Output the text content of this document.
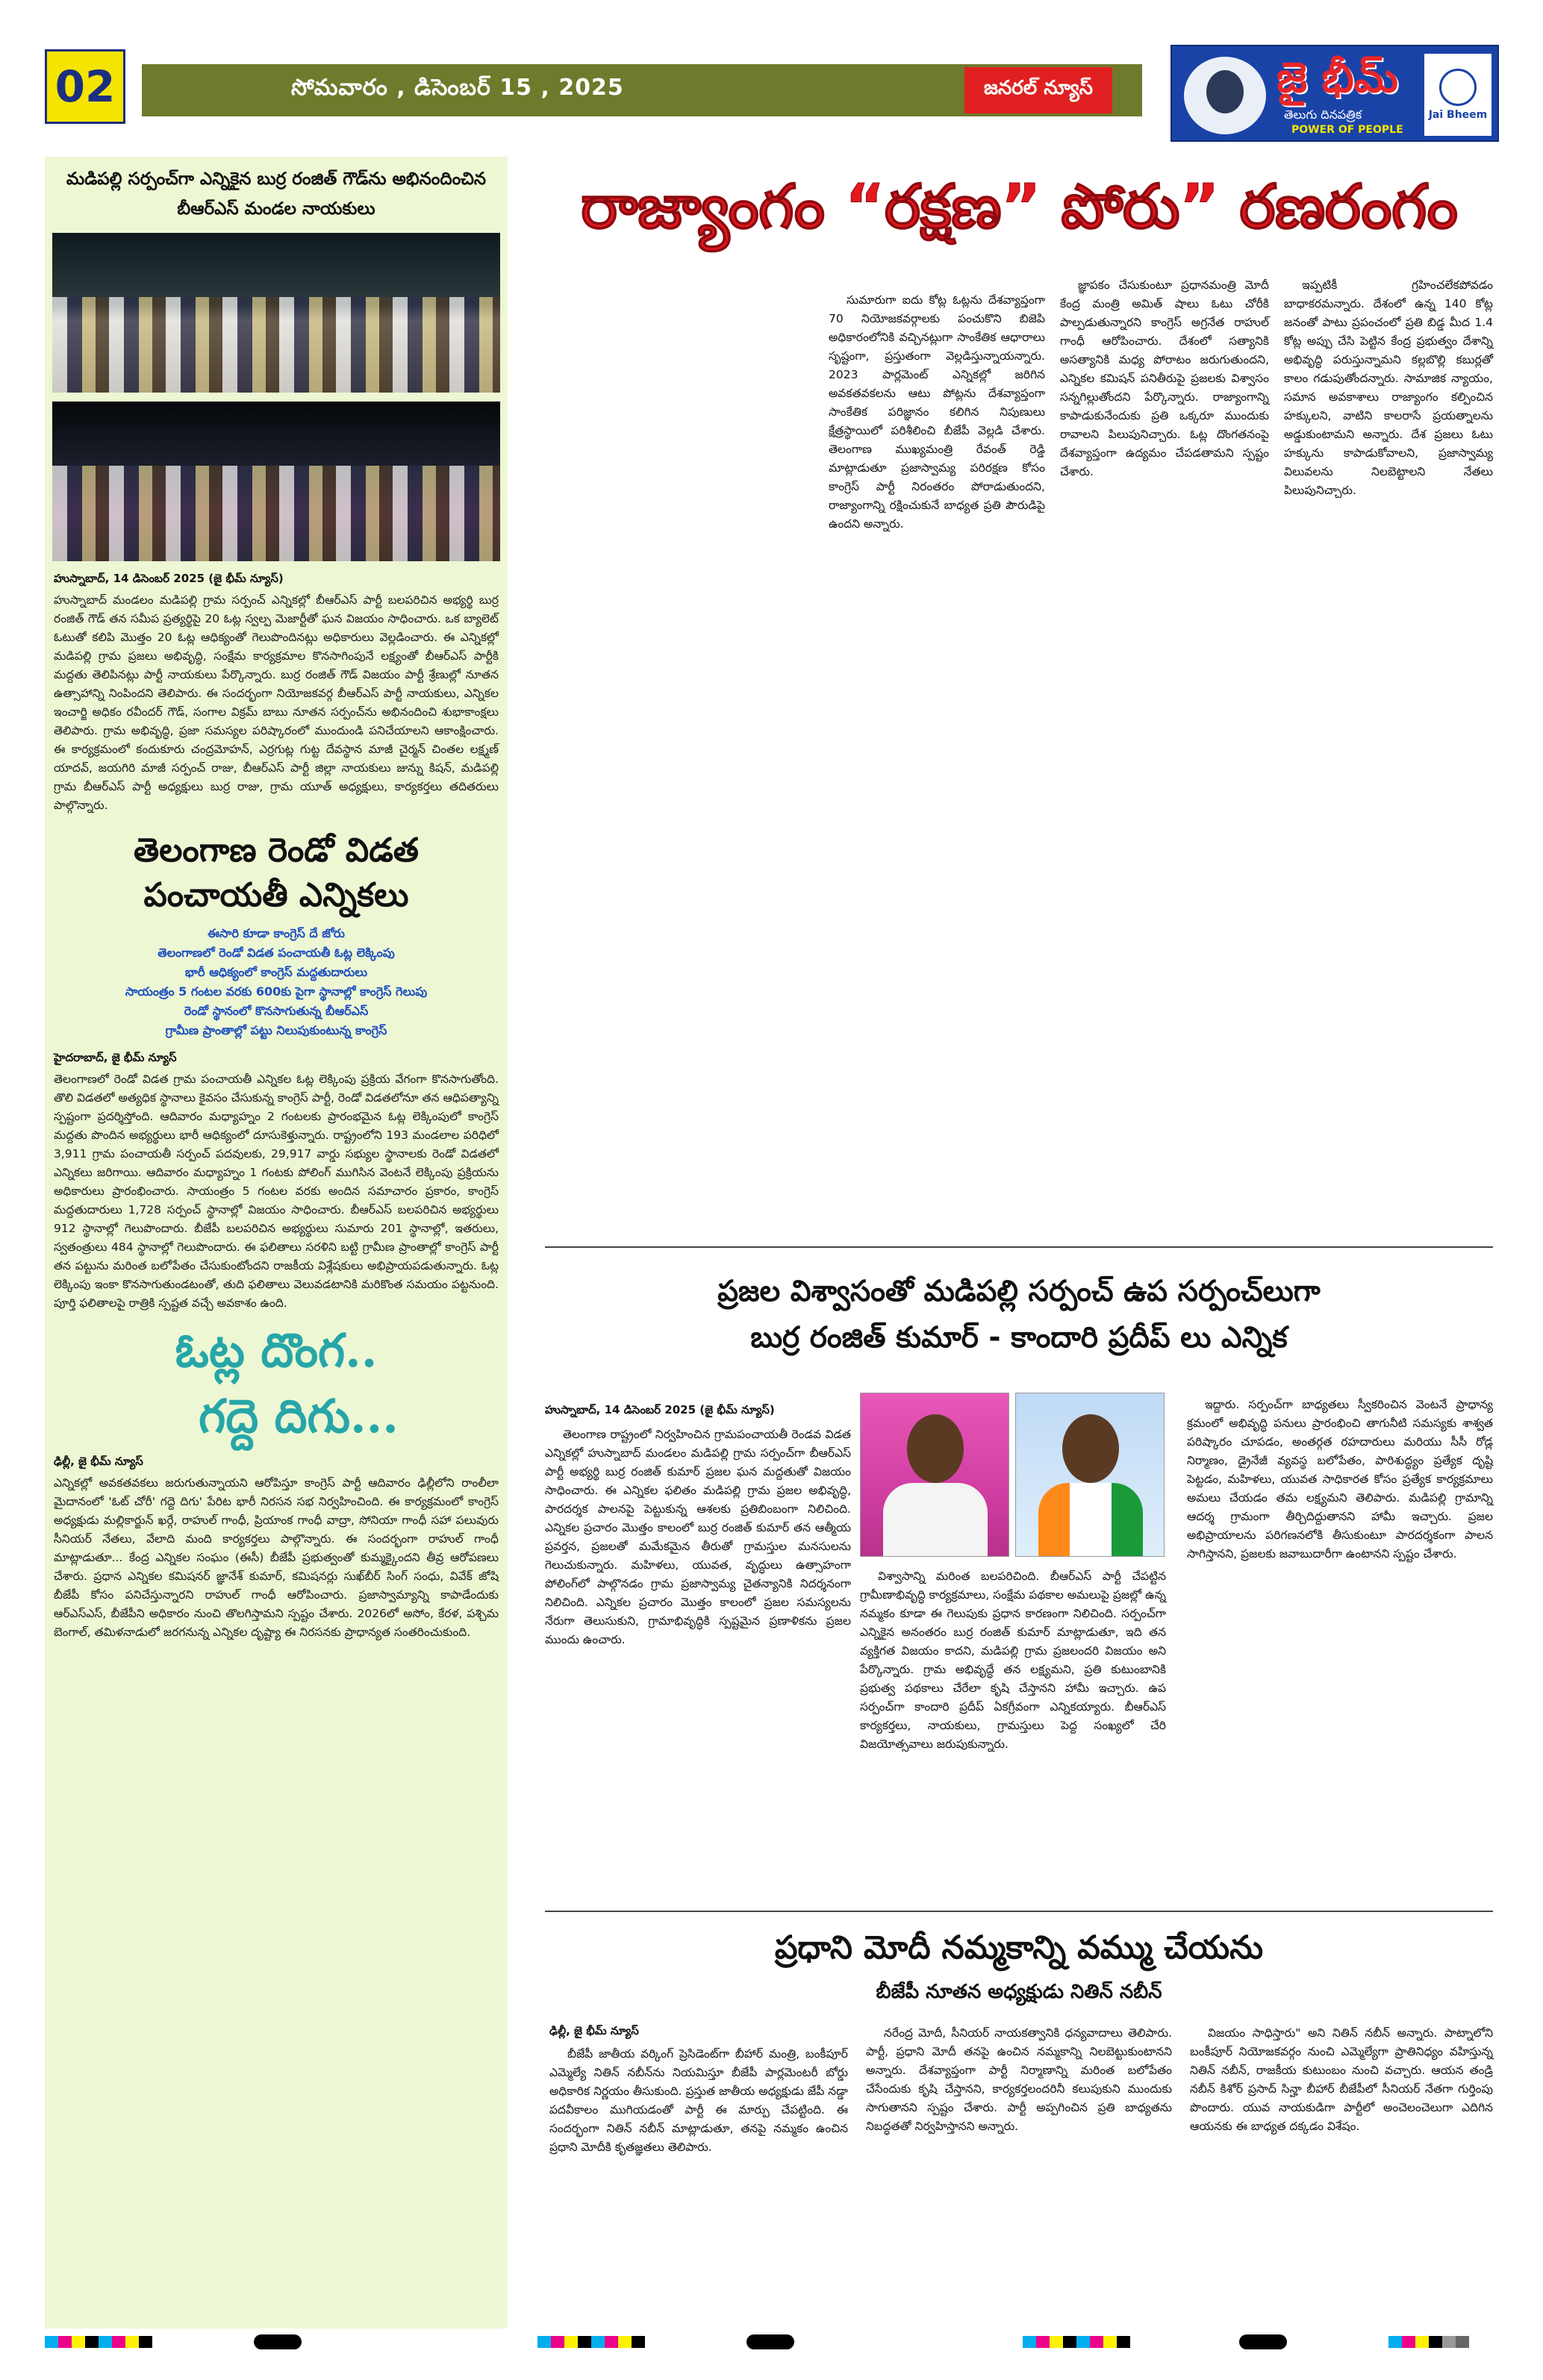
02	సోమవారం , డిసెంబర్ 15 , 2025	జనరల్ న్యూస్	జై భీమ్
తెలుగు దినపత్రిక
POWER OF PEOPLE
Jai Bheem
మడిపల్లి సర్పంచ్‌గా ఎన్నికైన బుర్ర రంజిత్ గౌడ్‌ను అభినందించిన బీఆర్ఎస్ మండల నాయకులు
హుస్నాబాద్, 14 డిసెంబర్ 2025 (జై భీమ్ న్యూస్)
హుస్నాబాద్ మండలం మడిపల్లి గ్రామ సర్పంచ్ ఎన్నికల్లో బీఆర్ఎస్ పార్టీ బలపరిచిన అభ్యర్థి బుర్ర రంజిత్ గౌడ్ తన సమీప ప్రత్యర్థిపై 20 ఓట్ల స్వల్ప మెజార్టీతో ఘన విజయం సాధించారు. ఒక బ్యాలెట్ ఓటుతో కలిపి మొత్తం 20 ఓట్ల ఆధిక్యంతో గెలుపొందినట్లు అధికారులు వెల్లడించారు. ఈ ఎన్నికల్లో మడిపల్లి గ్రామ ప్రజలు అభివృద్ధి, సంక్షేమ కార్యక్రమాల కొనసాగింపునే లక్ష్యంతో బీఆర్ఎస్ పార్టీకి మద్దతు తెలిపినట్లు పార్టీ నాయకులు పేర్కొన్నారు. బుర్ర రంజిత్ గౌడ్ విజయం పార్టీ శ్రేణుల్లో నూతన ఉత్సాహాన్ని నింపిందని తెలిపారు. ఈ సందర్భంగా నియోజకవర్గ బీఆర్ఎస్ పార్టీ నాయకులు, ఎన్నికల ఇంచార్జి అధికం రవీందర్ గౌడ్, సంగాల విక్రమ్ బాబు నూతన సర్పంచ్‌ను అభినందించి శుభాకాంక్షలు తెలిపారు. గ్రామ అభివృద్ధి, ప్రజా సమస్యల పరిష్కారంలో ముందుండి పనిచేయాలని ఆకాంక్షించారు. ఈ కార్యక్రమంలో కందుకూరు చంద్రమోహన్, ఎర్రగుట్ల గుట్ట దేవస్థాన మాజీ చైర్మన్ చింతల లక్ష్మణ్ యాదవ్, జయగిరి మాజీ సర్పంచ్ రాజు, బీఆర్ఎస్ పార్టీ జిల్లా నాయకులు జున్ను కిషన్, మడిపల్లి గ్రామ బీఆర్ఎస్ పార్టీ అధ్యక్షులు బుర్ర రాజు, గ్రామ యూత్ అధ్యక్షులు, కార్యకర్తలు తదితరులు పాల్గొన్నారు.
తెలంగాణ రెండో విడత పంచాయతీ ఎన్నికలు
ఈసారి కూడా కాంగ్రెస్ దే జోరు
తెలంగాణలో రెండో విడత పంచాయతీ ఓట్ల లెక్కింపు
భారీ ఆధిక్యంలో కాంగ్రెస్ మద్దతుదారులు
సాయంత్రం 5 గంటల వరకు 600కు పైగా స్థానాల్లో కాంగ్రెస్ గెలుపు
రెండో స్థానంలో కొనసాగుతున్న బీఆర్ఎస్
గ్రామీణ ప్రాంతాల్లో పట్టు నిలుపుకుంటున్న కాంగ్రెస్
హైదరాబాద్, జై భీమ్ న్యూస్
తెలంగాణలో రెండో విడత గ్రామ పంచాయతీ ఎన్నికల ఓట్ల లెక్కింపు ప్రక్రియ వేగంగా కొనసాగుతోంది. తొలి విడతలో అత్యధిక స్థానాలు కైవసం చేసుకున్న కాంగ్రెస్ పార్టీ, రెండో విడతలోనూ తన ఆధిపత్యాన్ని స్పష్టంగా ప్రదర్శిస్తోంది. ఆదివారం మధ్యాహ్నం 2 గంటలకు ప్రారంభమైన ఓట్ల లెక్కింపులో కాంగ్రెస్ మద్దతు పొందిన అభ్యర్థులు భారీ ఆధిక్యంలో దూసుకెళ్తున్నారు. రాష్ట్రంలోని 193 మండలాల పరిధిలో 3,911 గ్రామ పంచాయతీ సర్పంచ్ పదవులకు, 29,917 వార్డు సభ్యుల స్థానాలకు రెండో విడతలో ఎన్నికలు జరిగాయి. ఆదివారం మధ్యాహ్నం 1 గంటకు పోలింగ్ ముగిసిన వెంటనే లెక్కింపు ప్రక్రియను అధికారులు ప్రారంభించారు. సాయంత్రం 5 గంటల వరకు అందిన సమాచారం ప్రకారం, కాంగ్రెస్ మద్దతుదారులు 1,728 సర్పంచ్ స్థానాల్లో విజయం సాధించారు. బీఆర్ఎస్ బలపరిచిన అభ్యర్థులు 912 స్థానాల్లో గెలుపొందారు. బీజేపీ బలపరిచిన అభ్యర్థులు సుమారు 201 స్థానాల్లో, ఇతరులు, స్వతంత్రులు 484 స్థానాల్లో గెలుపొందారు. ఈ ఫలితాలు సరళిని బట్టి గ్రామీణ ప్రాంతాల్లో కాంగ్రెస్ పార్టీ తన పట్టును మరింత బలోపేతం చేసుకుంటోందని రాజకీయ విశ్లేషకులు అభిప్రాయపడుతున్నారు. ఓట్ల లెక్కింపు ఇంకా కొనసాగుతుండటంతో, తుది ఫలితాలు వెలువడటానికి మరికొంత సమయం పట్టనుంది. పూర్తి ఫలితాలపై రాత్రికి స్పష్టత వచ్చే అవకాశం ఉంది.
ఓట్ల దొంగ..
గద్దె దిగు...
ఢిల్లీ, జై భీమ్ న్యూస్
ఎన్నికల్లో అవకతవకలు జరుగుతున్నాయని ఆరోపిస్తూ కాంగ్రెస్ పార్టీ ఆదివారం ఢిల్లీలోని రాంలీలా మైదానంలో 'ఓట్ చోరీ' గద్దె దిగు' పేరిట భారీ నిరసన సభ నిర్వహించింది. ఈ కార్యక్రమంలో కాంగ్రెస్ అధ్యక్షుడు మల్లికార్జున్ ఖర్గే, రాహుల్ గాంధీ, ప్రియాంక గాంధీ వాద్రా, సోనియా గాంధీ సహా పలువురు సీనియర్ నేతలు, వేలాది మంది కార్యకర్తలు పాల్గొన్నారు. ఈ సందర్భంగా రాహుల్ గాంధీ మాట్లాడుతూ... కేంద్ర ఎన్నికల సంఘం (ఈసీ) బీజేపీ ప్రభుత్వంతో కుమ్మక్కైందని తీవ్ర ఆరోపణలు చేశారు. ప్రధాన ఎన్నికల కమిషనర్ జ్ఞానేశ్ కుమార్, కమిషనర్లు సుఖ్‌బీర్ సింగ్ సంధు, వివేక్ జోషి బీజేపీ కోసం పనిచేస్తున్నారని రాహుల్ గాంధీ ఆరోపించారు. ప్రజాస్వామ్యాన్ని కాపాడేందుకు ఆర్ఎస్ఎస్, బీజేపీని అధికారం నుంచి తొలగిస్తామని స్పష్టం చేశారు. 2026లో అసోం, కేరళ, పశ్చిమ బెంగాల్, తమిళనాడులో జరగనున్న ఎన్నికల దృష్ట్యా ఈ నిరసనకు ప్రాధాన్యత సంతరించుకుంది.
రాజ్యాంగం “రక్షణ” పోరు” రణరంగం

సుమారుగా ఐదు కోట్ల ఓట్లను దేశవ్యాప్తంగా 70 నియోజకవర్గాలకు పంచుకొని బిజెపి అధికారంలోనికి వచ్చినట్లుగా సాంకేతిక ఆధారాలు సృష్టంగా, ప్రస్తుతంగా వెల్లడిస్తున్నాయన్నారు. 2023 పార్లమెంట్ ఎన్నికల్లో జరిగిన అవకతవకలను ఆటు పోట్లను దేశవ్యాప్తంగా సాంకేతిక పరిజ్ఞానం కలిగిన నిపుణులు క్షేత్రస్థాయిలో పరిశీలించి బీజేపీ వెల్లడి చేశారు. తెలంగాణ ముఖ్యమంత్రి రేవంత్ రెడ్డి మాట్లాడుతూ ప్రజాస్వామ్య పరిరక్షణ కోసం కాంగ్రెస్ పార్టీ నిరంతరం పోరాడుతుందని, రాజ్యాంగాన్ని రక్షించుకునే బాధ్యత ప్రతి పౌరుడిపై ఉందని అన్నారు.

జ్ఞాపకం చేసుకుంటూ ప్రధానమంత్రి మోదీ కేంద్ర మంత్రి అమిత్ షాలు ఓటు చోరీకి పాల్పడుతున్నారని కాంగ్రెస్ అగ్రనేత రాహుల్ గాంధీ ఆరోపించారు. దేశంలో సత్యానికి అసత్యానికి మధ్య పోరాటం జరుగుతుందని, ఎన్నికల కమిషన్ పనితీరుపై ప్రజలకు విశ్వాసం సన్నగిల్లుతోందని పేర్కొన్నారు. రాజ్యాంగాన్ని కాపాడుకునేందుకు ప్రతి ఒక్కరూ ముందుకు రావాలని పిలుపునిచ్చారు. ఓట్ల దొంగతనంపై దేశవ్యాప్తంగా ఉద్యమం చేపడతామని స్పష్టం చేశారు.

ఇప్పటికీ గ్రహించలేకపోవడం బాధాకరమన్నారు. దేశంలో ఉన్న 140 కోట్ల జనంతో పాటు ప్రపంచంలో ప్రతి బిడ్డ మీద 1.4 కోట్ల అప్పు చేసి పెట్టిన కేంద్ర ప్రభుత్వం దేశాన్ని అభివృద్ధి పరుస్తున్నామని కల్లబొల్లి కబుర్లతో కాలం గడుపుతోందన్నారు. సామాజిక న్యాయం, సమాన అవకాశాలు రాజ్యాంగం కల్పించిన హక్కులని, వాటిని కాలరాసే ప్రయత్నాలను అడ్డుకుంటామని అన్నారు. దేశ ప్రజలు ఓటు హక్కును కాపాడుకోవాలని, ప్రజాస్వామ్య విలువలను నిలబెట్టాలని నేతలు పిలుపునిచ్చారు.

ప్రజల విశ్వాసంతో మడిపల్లి సర్పంచ్ ఉప సర్పంచ్‌లుగా
బుర్ర రంజిత్ కుమార్ - కాందారి ప్రదీప్ లు ఎన్నిక
హుస్నాబాద్, 14 డిసెంబర్ 2025 (జై భీమ్ న్యూస్)

తెలంగాణ రాష్ట్రంలో నిర్వహించిన గ్రామపంచాయతీ రెండవ విడత ఎన్నికల్లో హుస్నాబాద్ మండలం మడిపల్లి గ్రామ సర్పంచ్‌గా బీఆర్ఎస్ పార్టీ అభ్యర్థి బుర్ర రంజిత్ కుమార్ ప్రజల ఘన మద్దతుతో విజయం సాధించారు. ఈ ఎన్నికల ఫలితం మడిపల్లి గ్రామ ప్రజల అభివృద్ధి, పారదర్శక పాలనపై పెట్టుకున్న ఆశలకు ప్రతిబింబంగా నిలిచింది. ఎన్నికల ప్రచారం మొత్తం కాలంలో బుర్ర రంజిత్ కుమార్ తన ఆత్మీయ ప్రవర్తన, ప్రజలతో మమేకమైన తీరుతో గ్రామస్తుల మనసులను గెలుచుకున్నారు. మహిళలు, యువత, వృద్ధులు ఉత్సాహంగా పోలింగ్‌లో పాల్గొనడం గ్రామ ప్రజాస్వామ్య చైతన్యానికి నిదర్శనంగా నిలిచింది. ఎన్నికల ప్రచారం మొత్తం కాలంలో ప్రజల సమస్యలను నేరుగా తెలుసుకుని, గ్రామాభివృద్ధికి స్పష్టమైన ప్రణాళికను ప్రజల ముందు ఉంచారు.

విశ్వాసాన్ని మరింత బలపరిచింది. బీఆర్ఎస్ పార్టీ చేపట్టిన గ్రామీణాభివృద్ధి కార్యక్రమాలు, సంక్షేమ పథకాల అమలుపై ప్రజల్లో ఉన్న నమ్మకం కూడా ఈ గెలుపుకు ప్రధాన కారణంగా నిలిచింది. సర్పంచ్‌గా ఎన్నికైన అనంతరం బుర్ర రంజిత్ కుమార్ మాట్లాడుతూ, ఇది తన వ్యక్తిగత విజయం కాదని, మడిపల్లి గ్రామ ప్రజలందరి విజయం అని పేర్కొన్నారు. గ్రామ అభివృద్ధే తన లక్ష్యమని, ప్రతి కుటుంబానికి ప్రభుత్వ పథకాలు చేరేలా కృషి చేస్తానని హామీ ఇచ్చారు. ఉప సర్పంచ్‌గా కాందారి ప్రదీప్ ఏకగ్రీవంగా ఎన్నికయ్యారు. బీఆర్ఎస్ కార్యకర్తలు, నాయకులు, గ్రామస్తులు పెద్ద సంఖ్యలో చేరి విజయోత్సవాలు జరుపుకున్నారు.

ఇద్దారు. సర్పంచ్‌గా బాధ్యతలు స్వీకరించిన వెంటనే ప్రాధాన్య క్రమంలో అభివృద్ధి పనులు ప్రారంభించి తాగునీటి సమస్యకు శాశ్వత పరిష్కారం చూపడం, అంతర్గత రహదారులు మరియు సీసీ రోడ్ల నిర్మాణం, డ్రైనేజీ వ్యవస్థ బలోపేతం, పారిశుద్ధ్యం ప్రత్యేక దృష్టి పెట్టడం, మహిళలు, యువత సాధికారత కోసం ప్రత్యేక కార్యక్రమాలు అమలు చేయడం తమ లక్ష్యమని తెలిపారు. మడిపల్లి గ్రామాన్ని ఆదర్శ గ్రామంగా తీర్చిదిద్దుతానని హామీ ఇచ్చారు. ప్రజల అభిప్రాయాలను పరిగణనలోకి తీసుకుంటూ పారదర్శకంగా పాలన సాగిస్తానని, ప్రజలకు జవాబుదారీగా ఉంటానని స్పష్టం చేశారు.

ప్రధాని మోదీ నమ్మకాన్ని వమ్ము చేయను
బీజేపీ నూతన అధ్యక్షుడు నితిన్ నబీన్
ఢిల్లీ, జై భీమ్ న్యూస్

బీజేపీ జాతీయ వర్కింగ్ ప్రెసిడెంట్‌గా బీహార్ మంత్రి, బంకీపూర్ ఎమ్మెల్యే నితిన్ నబీన్‌ను నియమిస్తూ బీజేపీ పార్లమెంటరీ బోర్డు అధికారిక నిర్ణయం తీసుకుంది. ప్రస్తుత జాతీయ అధ్యక్షుడు జేపీ నడ్డా పదవీకాలం ముగియడంతో పార్టీ ఈ మార్పు చేపట్టింది. ఈ సందర్భంగా నితిన్ నబీన్ మాట్లాడుతూ, తనపై నమ్మకం ఉంచిన ప్రధాని మోదీకి కృతజ్ఞతలు తెలిపారు.

నరేంద్ర మోదీ, సీనియర్ నాయకత్వానికి ధన్యవాదాలు తెలిపారు. పార్టీ, ప్రధాని మోదీ తనపై ఉంచిన నమ్మకాన్ని నిలబెట్టుకుంటానని అన్నారు. దేశవ్యాప్తంగా పార్టీ నిర్మాణాన్ని మరింత బలోపేతం చేసేందుకు కృషి చేస్తానని, కార్యకర్తలందరినీ కలుపుకుని ముందుకు సాగుతానని స్పష్టం చేశారు. పార్టీ అప్పగించిన ప్రతి బాధ్యతను నిబద్ధతతో నిర్వహిస్తానని అన్నారు.

విజయం సాధిస్తారు" అని నితిన్ నబీన్ అన్నారు. పాట్నాలోని బంకీపూర్ నియోజకవర్గం నుంచి ఎమ్మెల్యేగా ప్రాతినిధ్యం వహిస్తున్న నితిన్ నబీన్, రాజకీయ కుటుంబం నుంచి వచ్చారు. ఆయన తండ్రి నబీన్ కిశోర్ ప్రసాద్ సిన్హా బీహార్ బీజేపీలో సీనియర్ నేతగా గుర్తింపు పొందారు. యువ నాయకుడిగా పార్టీలో అంచెలంచెలుగా ఎదిగిన ఆయనకు ఈ బాధ్యత దక్కడం విశేషం.
